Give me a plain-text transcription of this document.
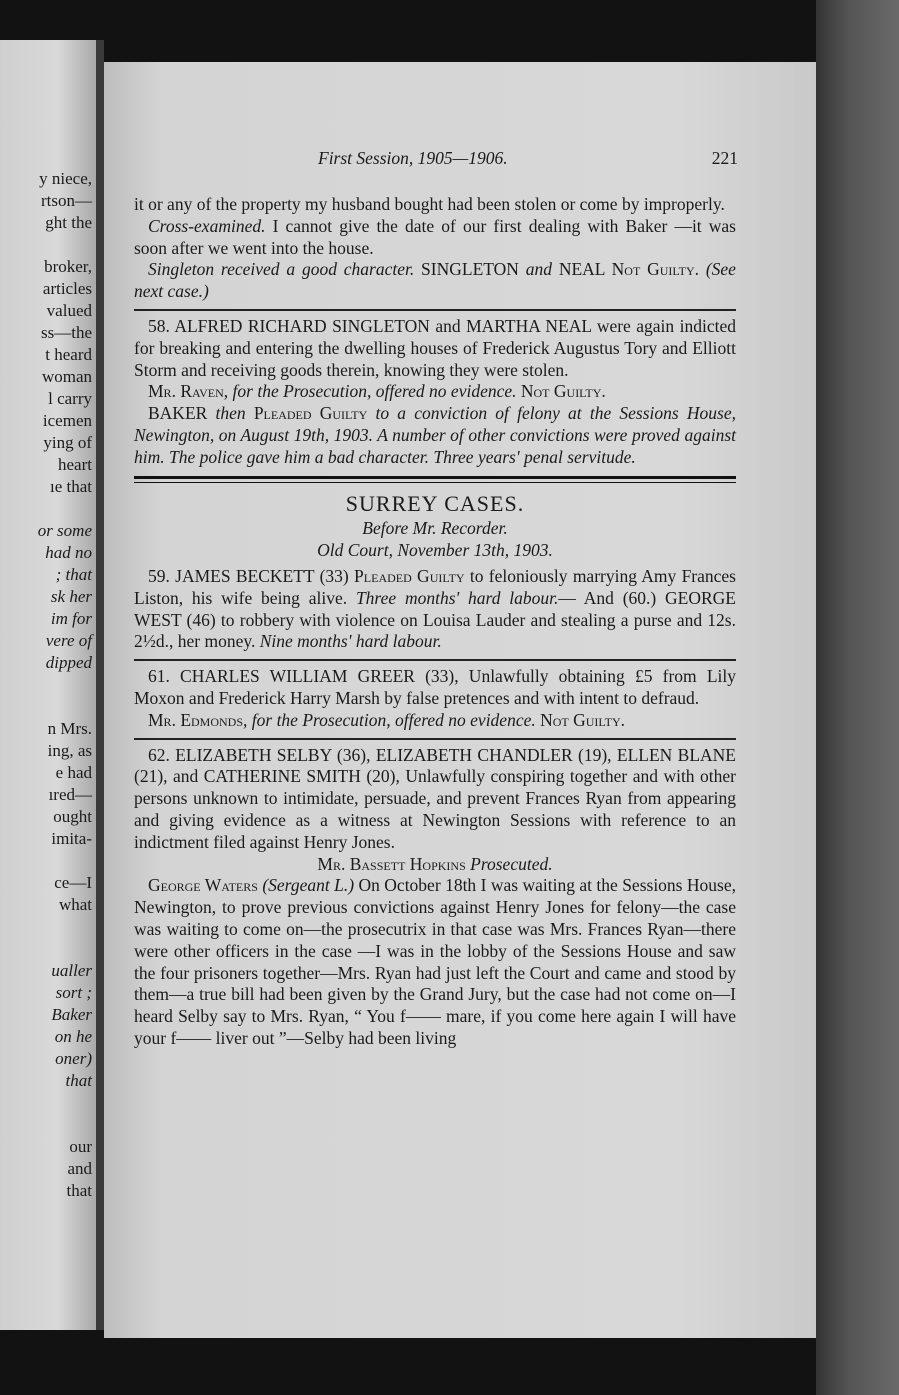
y niece,
rtson—
ght the
broker,
articles
valued
ss—the
t heard
woman
l carry
icemen
ying of
heart
ıe that
or some
had no
; that
sk her
im for
vere of
dipped
n Mrs.
ing, as
e had
ıred—
ought
imita-
ce—I
what
ualler
sort ;
Baker
on he
oner)
that
our
and
that
First Session, 1905—1906.	221

it or any of the property my husband bought had been stolen or come by improperly.

Cross-examined. I cannot give the date of our first dealing with Baker —it was soon after we went into the house.

Singleton received a good character. SINGLETON and NEAL Not Guilty. (See next case.)

58. ALFRED RICHARD SINGLETON and MARTHA NEAL were again indicted for breaking and entering the dwelling houses of Frederick Augustus Tory and Elliott Storm and receiving goods therein, knowing they were stolen.

Mr. Raven, for the Prosecution, offered no evidence. Not Guilty.

BAKER then Pleaded Guilty to a conviction of felony at the Sessions House, Newington, on August 19th, 1903. A number of other convictions were proved against him. The police gave him a bad character. Three years' penal servitude.

SURREY CASES.
Before Mr. Recorder.
Old Court, November 13th, 1903.

59. JAMES BECKETT (33) Pleaded Guilty to feloniously marrying Amy Frances Liston, his wife being alive. Three months' hard labour.— And (60.) GEORGE WEST (46) to robbery with violence on Louisa Lauder and stealing a purse and 12s. 2½d., her money. Nine months' hard labour.

61. CHARLES WILLIAM GREER (33), Unlawfully obtaining £5 from Lily Moxon and Frederick Harry Marsh by false pretences and with intent to defraud.

Mr. Edmonds, for the Prosecution, offered no evidence. Not Guilty.

62. ELIZABETH SELBY (36), ELIZABETH CHANDLER (19), ELLEN BLANE (21), and CATHERINE SMITH (20), Unlawfully conspiring together and with other persons unknown to intimidate, persuade, and prevent Frances Ryan from appearing and giving evidence as a witness at Newington Sessions with reference to an indictment filed against Henry Jones.

Mr. Bassett Hopkins Prosecuted.

George Waters (Sergeant L.) On October 18th I was waiting at the Sessions House, Newington, to prove previous convictions against Henry Jones for felony—the case was waiting to come on—the prosecutrix in that case was Mrs. Frances Ryan—there were other officers in the case —I was in the lobby of the Sessions House and saw the four prisoners together—Mrs. Ryan had just left the Court and came and stood by them—a true bill had been given by the Grand Jury, but the case had not come on—I heard Selby say to Mrs. Ryan, “ You f—— mare, if you come here again I will have your f—— liver out ”—Selby had been living
